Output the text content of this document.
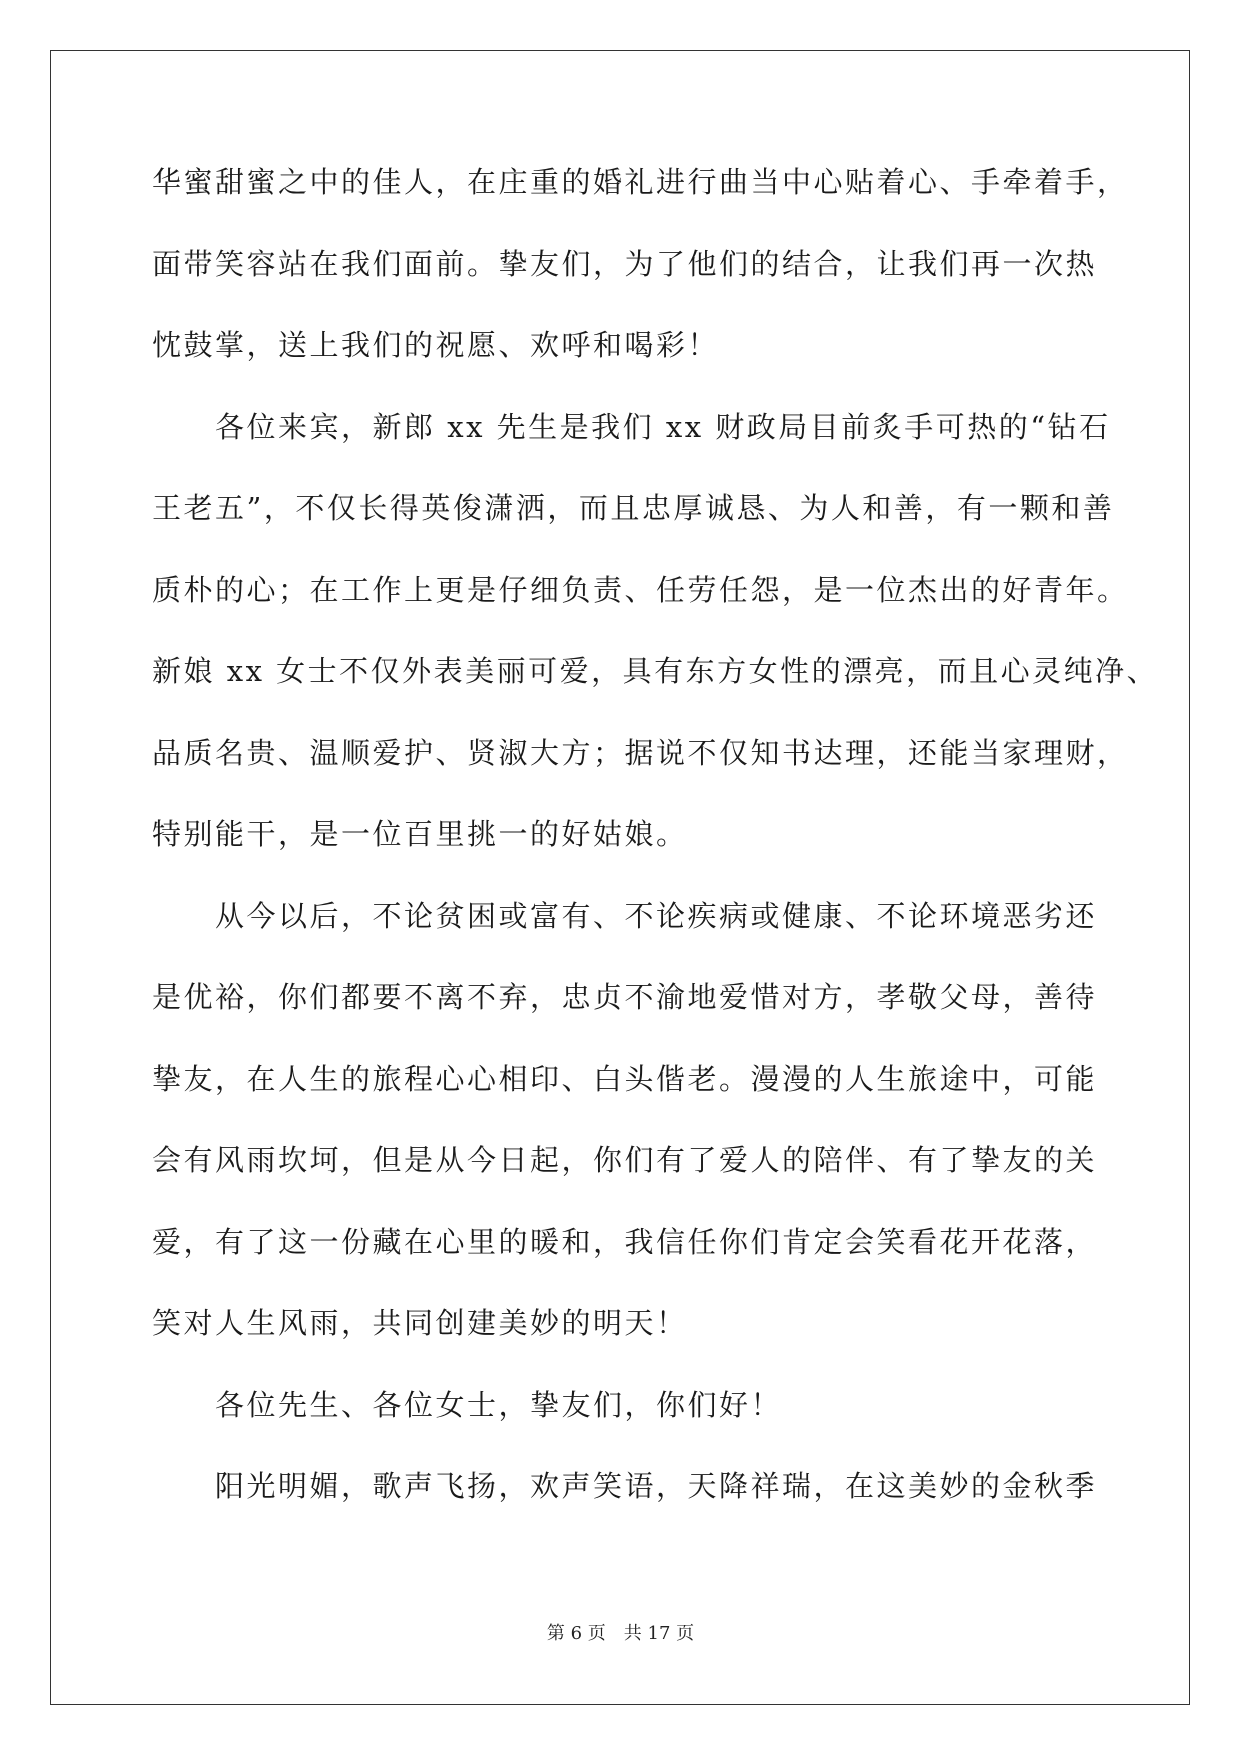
华蜜甜蜜之中的佳人，在庄重的婚礼进行曲当中心贴着心、手牵着手，
面带笑容站在我们面前。挚友们，为了他们的结合，让我们再一次热
忱鼓掌，送上我们的祝愿、欢呼和喝彩！
　　各位来宾，新郎 xx 先生是我们 xx 财政局目前炙手可热的“钻石
王老五”，不仅长得英俊潇洒，而且忠厚诚恳、为人和善，有一颗和善
质朴的心；在工作上更是仔细负责、任劳任怨，是一位杰出的好青年。
新娘 xx 女士不仅外表美丽可爱，具有东方女性的漂亮，而且心灵纯净、
品质名贵、温顺爱护、贤淑大方；据说不仅知书达理，还能当家理财，
特别能干，是一位百里挑一的好姑娘。
　　从今以后，不论贫困或富有、不论疾病或健康、不论环境恶劣还
是优裕，你们都要不离不弃，忠贞不渝地爱惜对方，孝敬父母，善待
挚友，在人生的旅程心心相印、白头偕老。漫漫的人生旅途中，可能
会有风雨坎坷，但是从今日起，你们有了爱人的陪伴、有了挚友的关
爱，有了这一份藏在心里的暖和，我信任你们肯定会笑看花开花落，
笑对人生风雨，共同创建美妙的明天！
　　各位先生、各位女士，挚友们，你们好！
　　阳光明媚，歌声飞扬，欢声笑语，天降祥瑞，在这美妙的金秋季
第 6 页　共 17 页
